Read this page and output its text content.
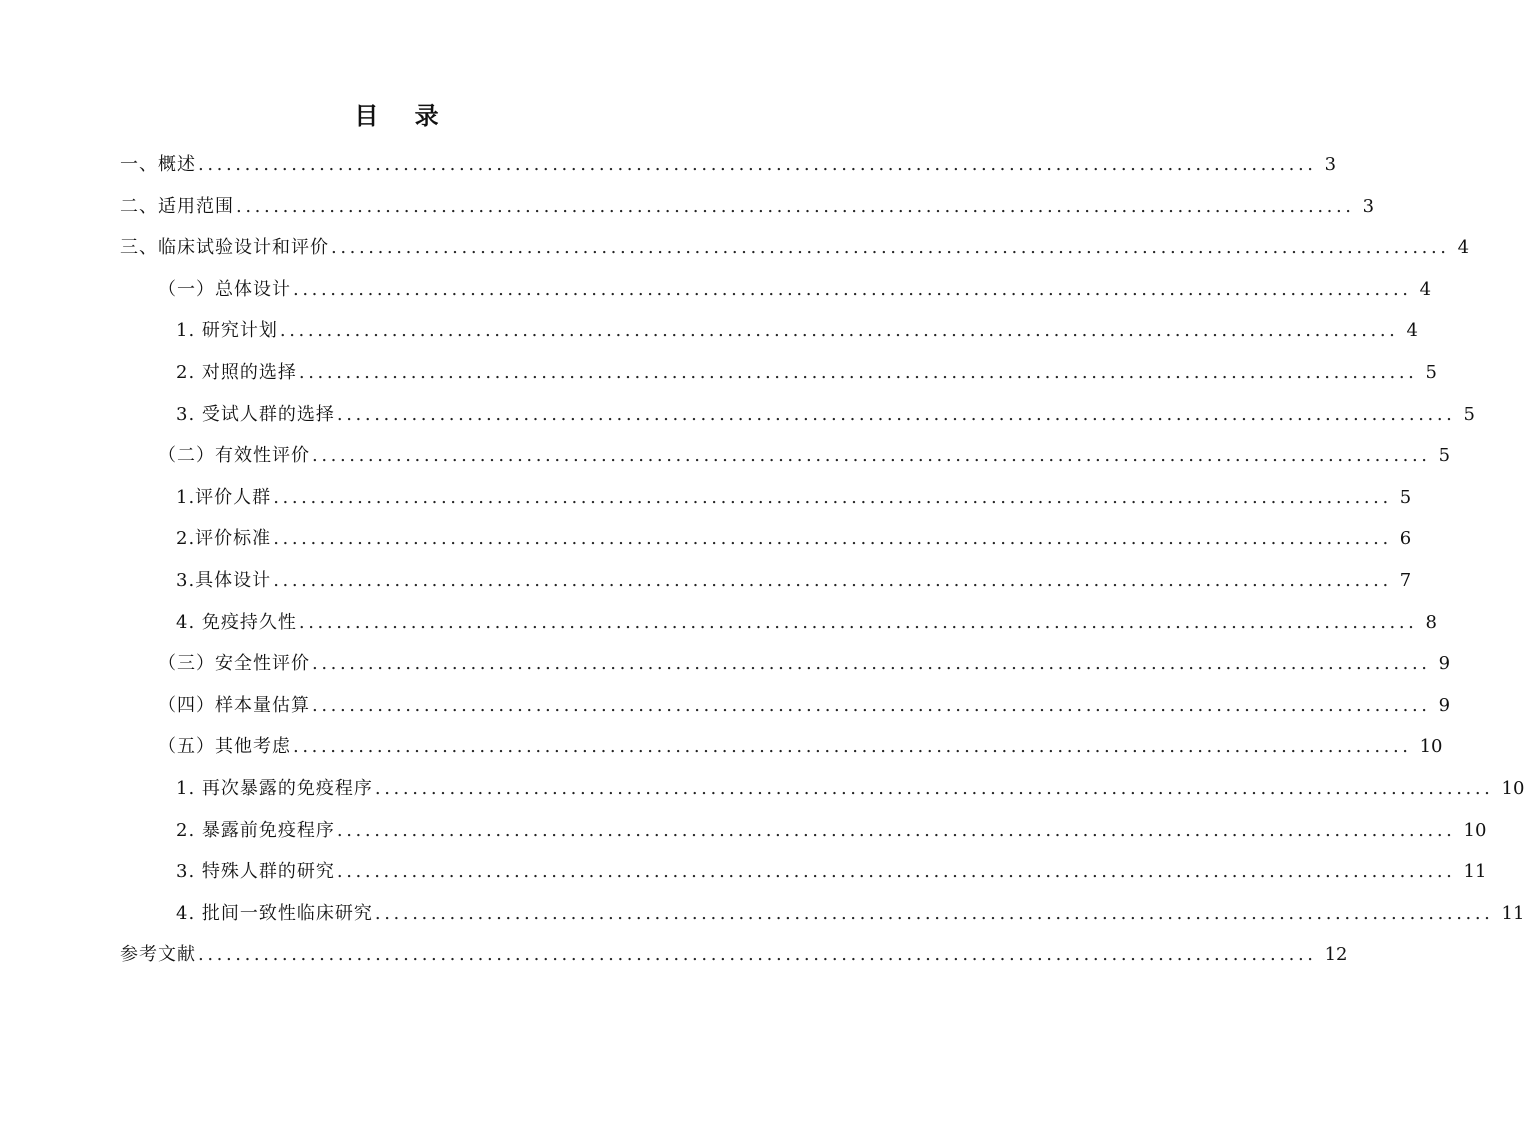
目 录
一、概述 ........................................................................................................................ 3
二、适用范围 ........................................................................................................................ 3
三、临床试验设计和评价 ........................................................................................................................ 4
（一）总体设计 ........................................................................................................................ 4
1. 研究计划 ........................................................................................................................ 4
2. 对照的选择 ........................................................................................................................ 5
3. 受试人群的选择 ........................................................................................................................ 5
（二）有效性评价 ........................................................................................................................ 5
1.评价人群 ........................................................................................................................ 5
2.评价标准 ........................................................................................................................ 6
3.具体设计 ........................................................................................................................ 7
4. 免疫持久性 ........................................................................................................................ 8
（三）安全性评价 ........................................................................................................................ 9
（四）样本量估算 ........................................................................................................................ 9
（五）其他考虑 ........................................................................................................................ 10
1. 再次暴露的免疫程序 ........................................................................................................................ 10
2. 暴露前免疫程序 ........................................................................................................................ 10
3. 特殊人群的研究 ........................................................................................................................ 11
4. 批间一致性临床研究 ........................................................................................................................ 11
参考文献 ........................................................................................................................ 12
